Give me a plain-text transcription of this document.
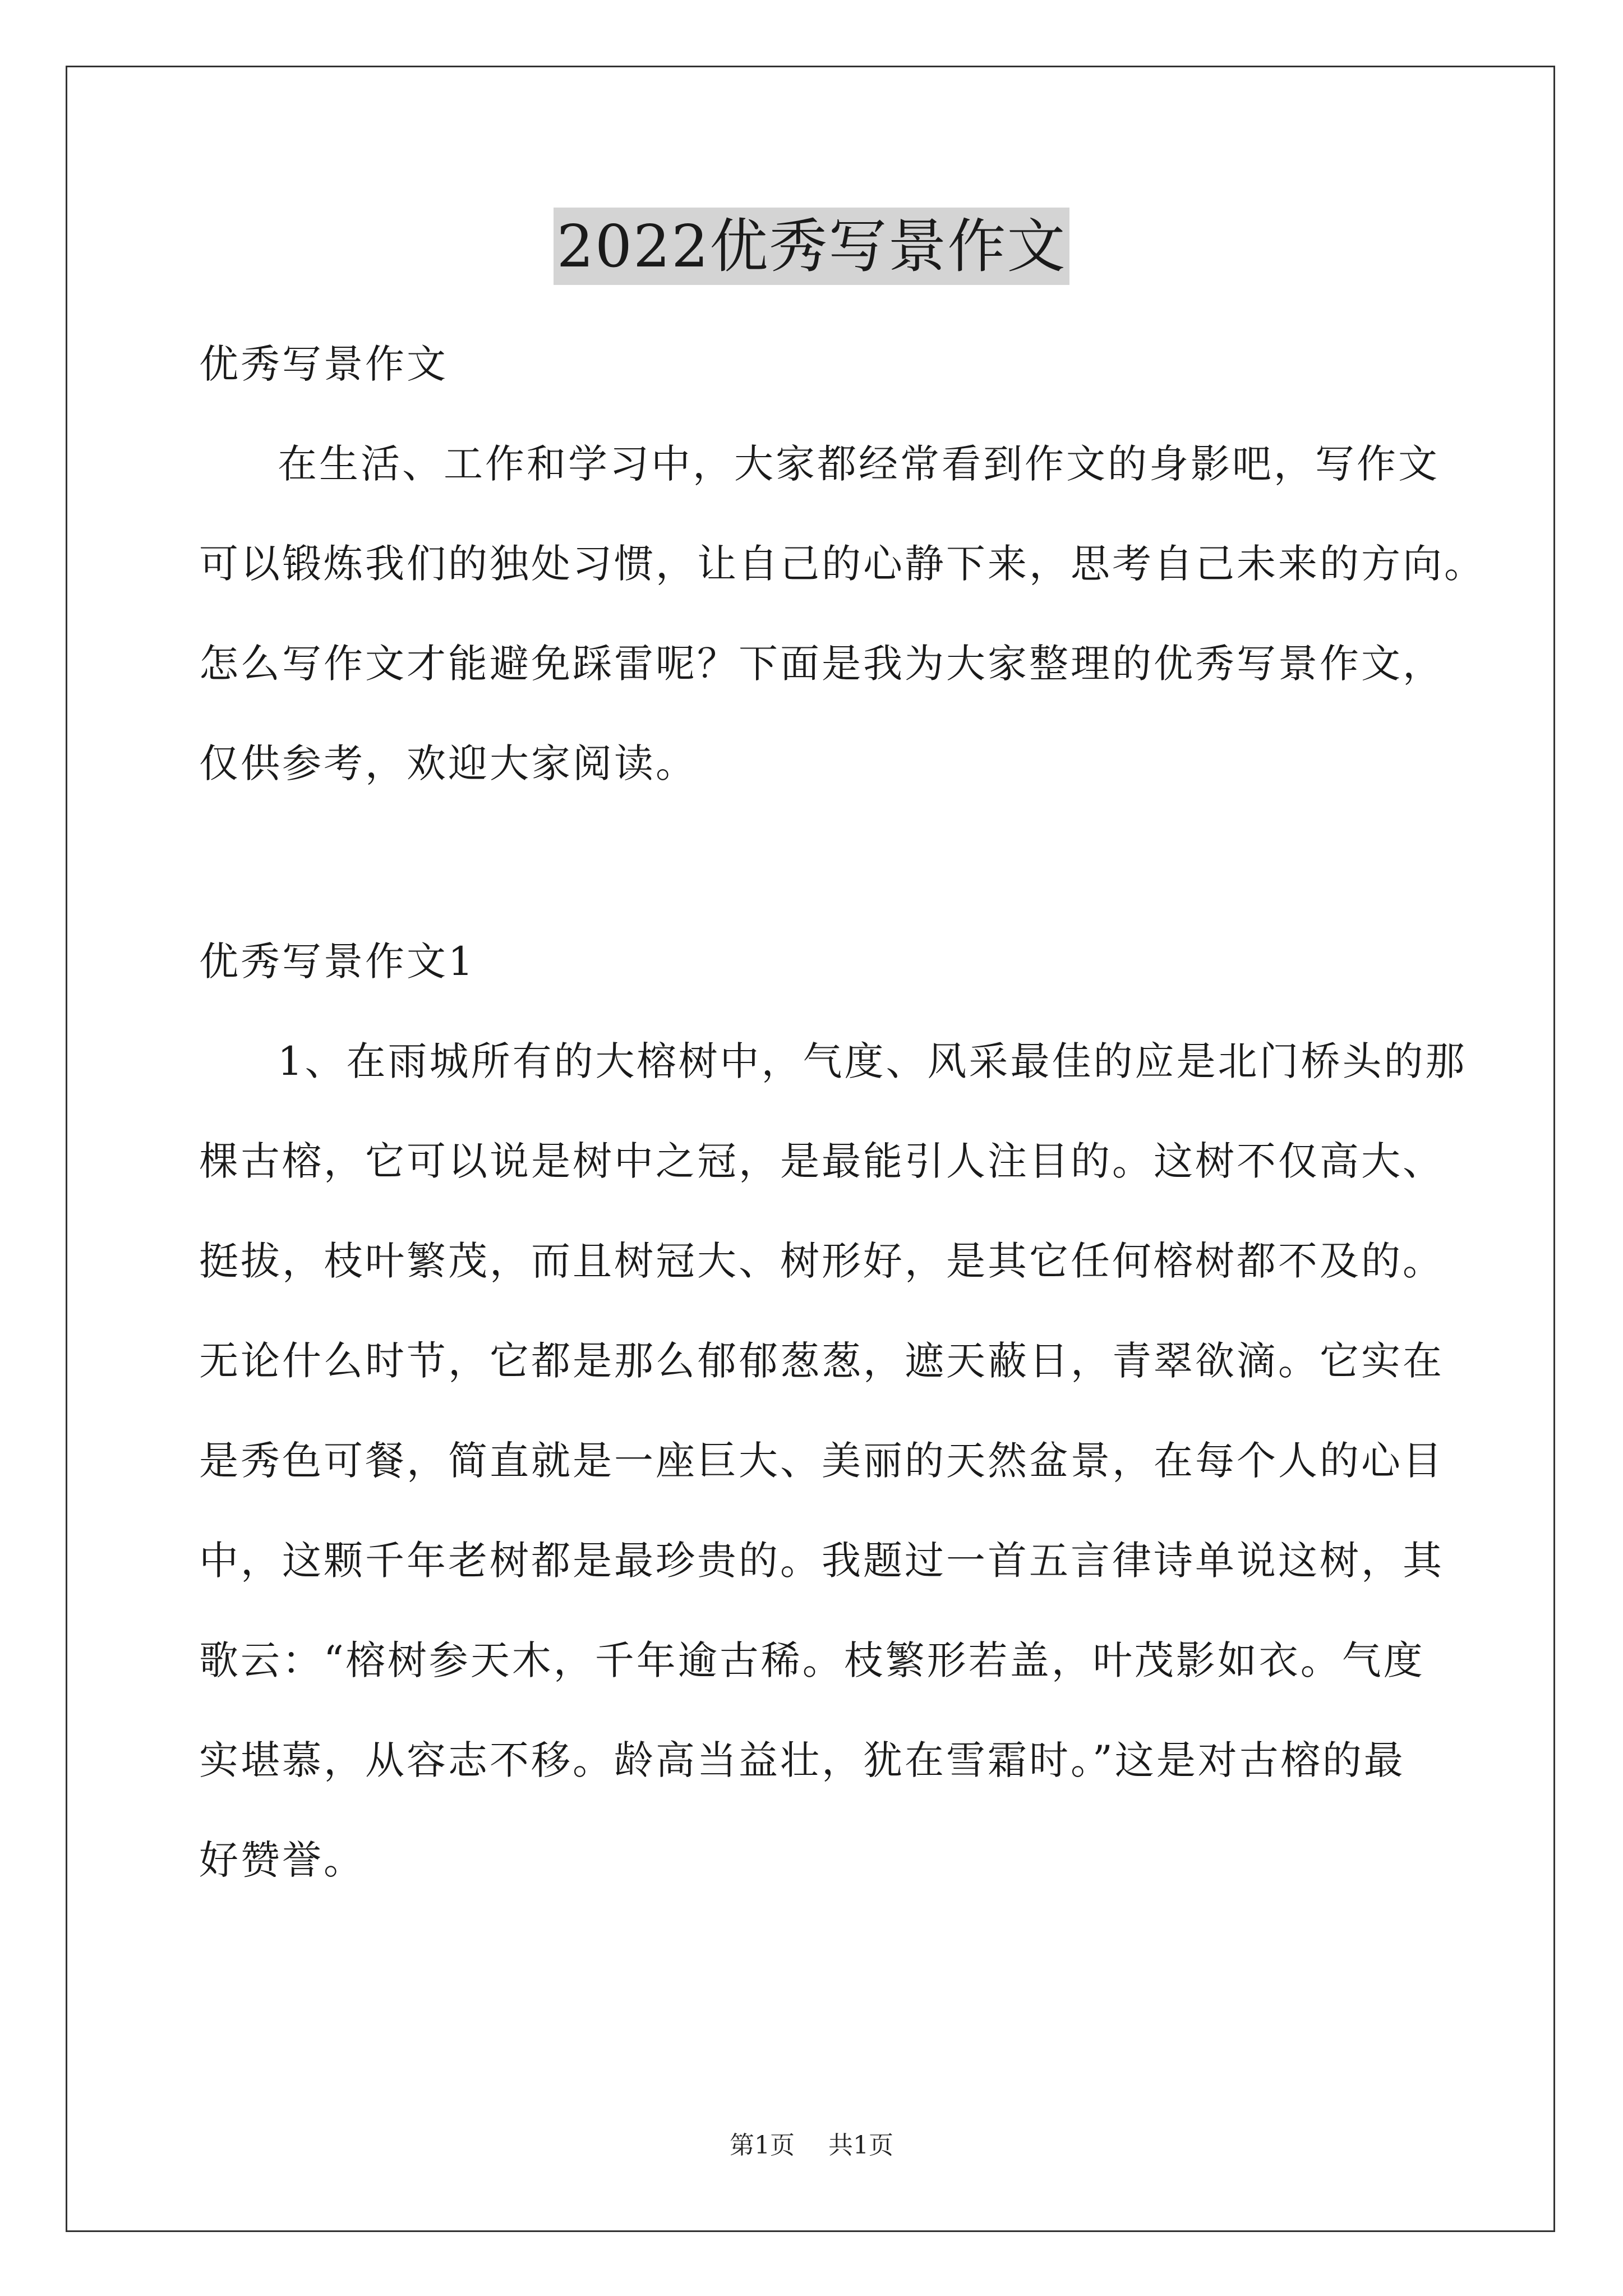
2022优秀写景作文
优秀写景作文
在生活、工作和学习中，大家都经常看到作文的身影吧，写作文
可以锻炼我们的独处习惯，让自己的心静下来，思考自己未来的方向。
怎么写作文才能避免踩雷呢？下面是我为大家整理的优秀写景作文，
仅供参考，欢迎大家阅读。
优秀写景作文1
1、在雨城所有的大榕树中，气度、风采最佳的应是北门桥头的那
棵古榕，它可以说是树中之冠，是最能引人注目的。这树不仅高大、
挺拔，枝叶繁茂，而且树冠大、树形好，是其它任何榕树都不及的。
无论什么时节，它都是那么郁郁葱葱，遮天蔽日，青翠欲滴。它实在
是秀色可餐，简直就是一座巨大、美丽的天然盆景，在每个人的心目
中，这颗千年老树都是最珍贵的。我题过一首五言律诗单说这树，其
歌云：“榕树参天木，千年逾古稀。枝繁形若盖，叶茂影如衣。气度
实堪慕，从容志不移。龄高当益壮，犹在雪霜时。”这是对古榕的最
好赞誉。
第1页 共1页
